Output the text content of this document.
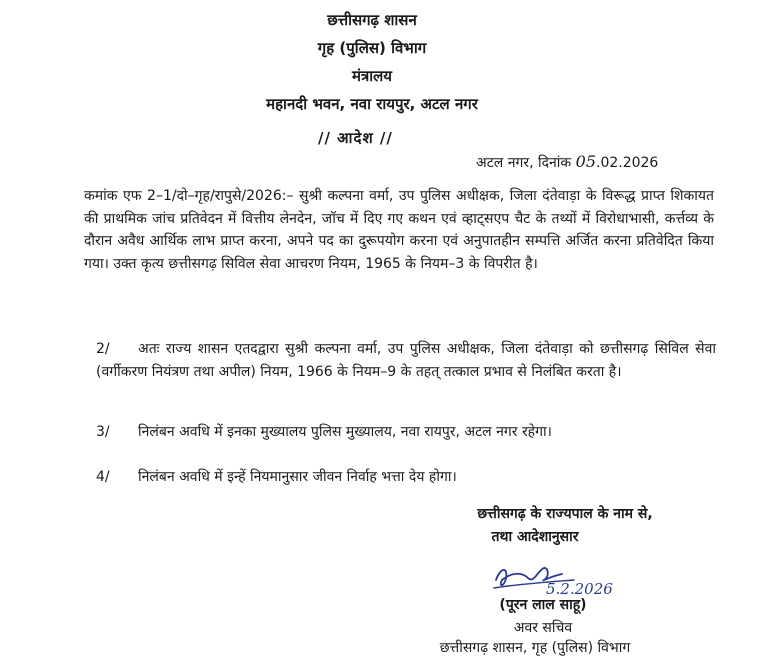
छत्तीसगढ़ शासन
गृह (पुलिस) विभाग
मंत्रालय
महानदी भवन, नवा रायपुर, अटल नगर
// आदेश //
अटल नगर, दिनांक 05.02.2026
कमांक एफ 2–1/दो–गृह/रापुसे/2026:– सुश्री कल्पना वर्मा, उप पुलिस अधीक्षक, जिला दंतेवाड़ा के विरूद्ध प्राप्त शिकायत की प्राथमिक जांच प्रतिवेदन में वित्तीय लेनदेन, जॉच में दिए गए कथन एवं व्हाट्सएप चैट के तथ्यों में विरोधाभासी, कर्त्तव्य के दौरान अवैध आर्थिक लाभ प्राप्त करना, अपने पद का दुरूपयोग करना एवं अनुपातहीन सम्पत्ति अर्जित करना प्रतिवेदित किया गया। उक्त कृत्य छत्तीसगढ़ सिविल सेवा आचरण नियम, 1965 के नियम–3 के विपरीत है।
2/ अतः राज्य शासन एतदद्वारा सुश्री कल्पना वर्मा, उप पुलिस अधीक्षक, जिला दंतेवाड़ा को छत्तीसगढ़ सिविल सेवा (वर्गीकरण नियंत्रण तथा अपील) नियम, 1966 के नियम–9 के तहत् तत्काल प्रभाव से निलंबित करता है।
3/ निलंबन अवधि में इनका मुख्यालय पुलिस मुख्यालय, नवा रायपुर, अटल नगर रहेगा।
4/ निलंबन अवधि में इन्हें नियमानुसार जीवन निर्वाह भत्ता देय होगा।
छत्तीसगढ़ के राज्यपाल के नाम से,
तथा आदेशानुसार
5.2.2026
(पूरन लाल साहू)
अवर सचिव
छत्तीसगढ़ शासन, गृह (पुलिस) विभाग
